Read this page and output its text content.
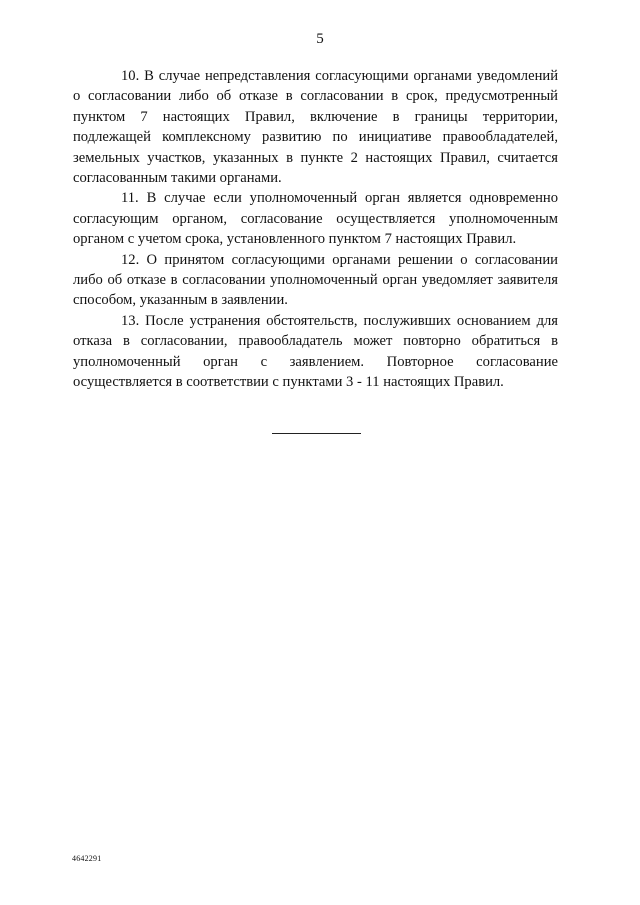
5

10. В случае непредставления согласующими органами уведомлений о согласовании либо об отказе в согласовании в срок, предусмотренный пунктом 7 настоящих Правил, включение в границы территории, подлежащей комплексному развитию по инициативе правообладателей, земельных участков, указанных в пункте 2 настоящих Правил, считается согласованным такими органами.

11. В случае если уполномоченный орган является одновременно согласующим органом, согласование осуществляется уполномоченным органом с учетом срока, установленного пунктом 7 настоящих Правил.

12. О принятом согласующими органами решении о согласовании либо об отказе в согласовании уполномоченный орган уведомляет заявителя способом, указанным в заявлении.

13. После устранения обстоятельств, послуживших основанием для отказа в согласовании, правообладатель может повторно обратиться в уполномоченный орган с заявлением. Повторное согласование осуществляется в соответствии с пунктами 3 - 11 настоящих Правил.

4642291
